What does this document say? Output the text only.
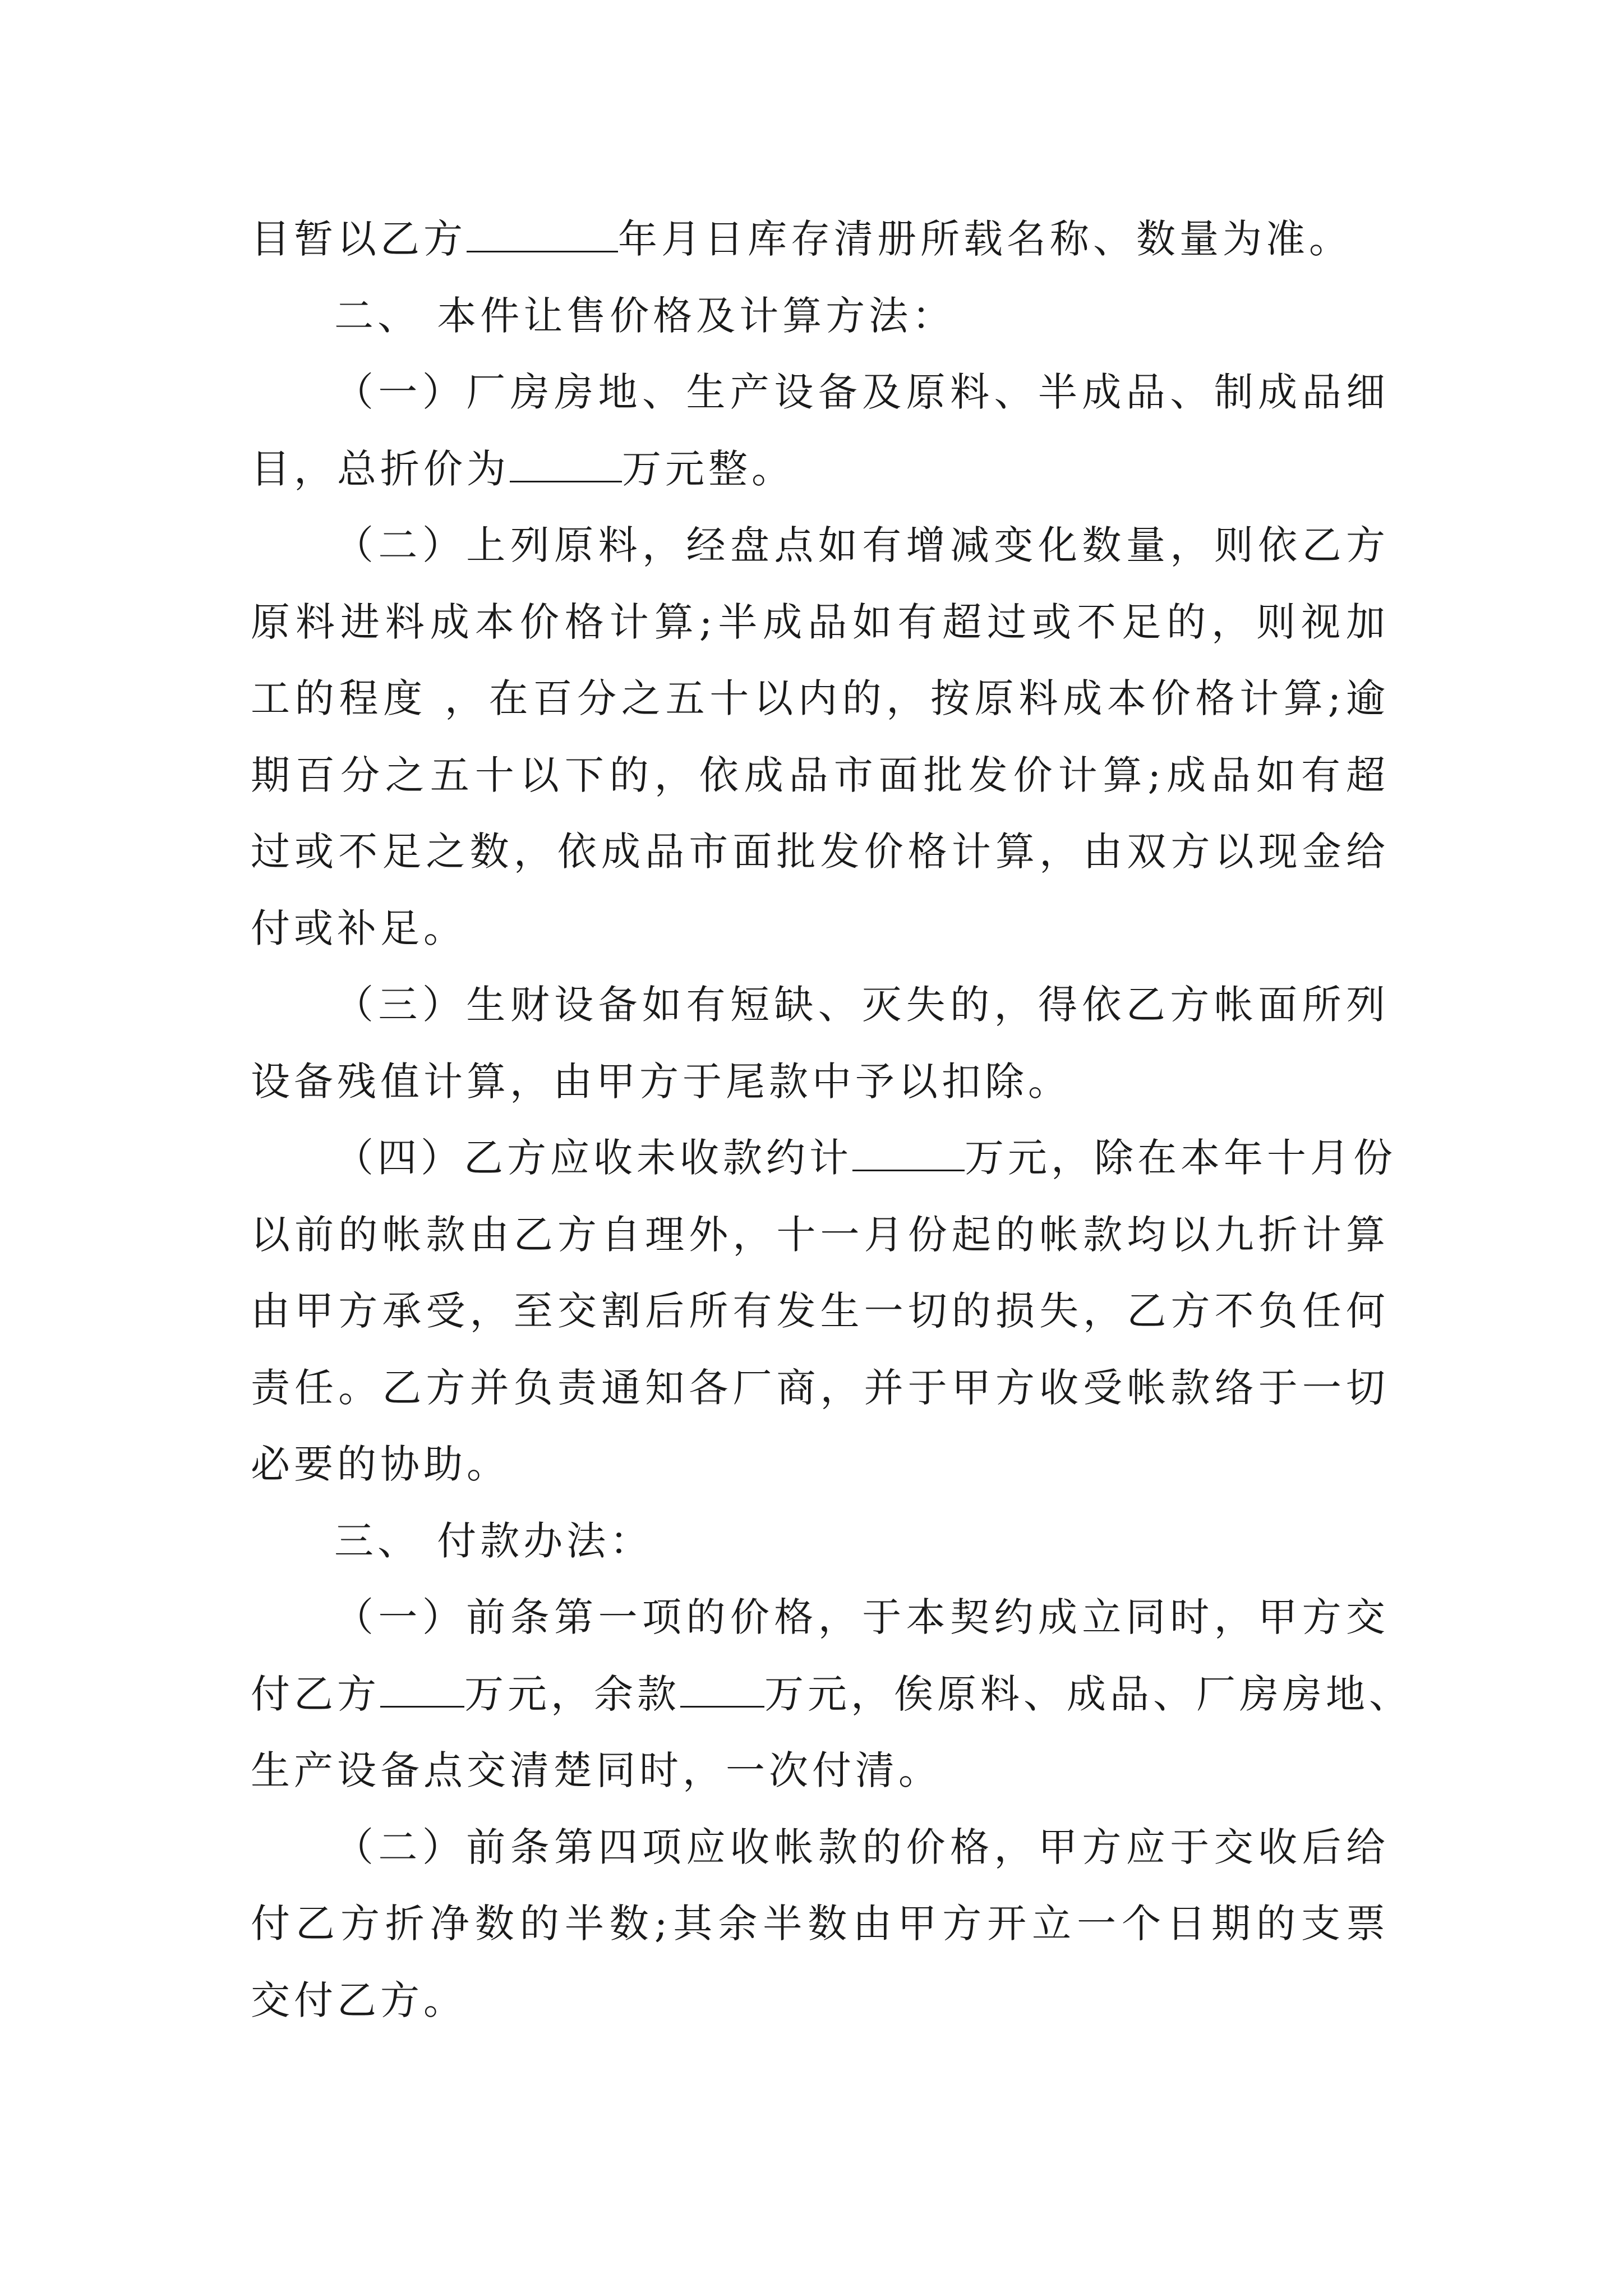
目暂以乙方	年月日库存清册所载名称、数量为准。
二、 本件让售价格及计算方法：
（一）厂房房地、生产设备及原料、半成品、制成品细
目，总折价为	万元整。
（二）上列原料，经盘点如有增减变化数量，则依乙方
原料进料成本价格计算;半成品如有超过或不足的，则视加
工的程度 ，在百分之五十以内的，按原料成本价格计算;逾
期百分之五十以下的，依成品市面批发价计算;成品如有超
过或不足之数，依成品市面批发价格计算，由双方以现金给
付或补足。
（三）生财设备如有短缺、灭失的，得依乙方帐面所列
设备残值计算，由甲方于尾款中予以扣除。
（四）乙方应收未收款约计	万元，除在本年十月份
以前的帐款由乙方自理外，十一月份起的帐款均以九折计算
由甲方承受，至交割后所有发生一切的损失，乙方不负任何
责任。乙方并负责通知各厂商，并于甲方收受帐款络于一切
必要的协助。
三、 付款办法：
（一）前条第一项的价格，于本契约成立同时，甲方交
付乙方 万元，余款 万元，俟原料、成品、厂房房地、
生产设备点交清楚同时，一次付清。
（二）前条第四项应收帐款的价格，甲方应于交收后给
付乙方折净数的半数;其余半数由甲方开立一个日期的支票
交付乙方。
